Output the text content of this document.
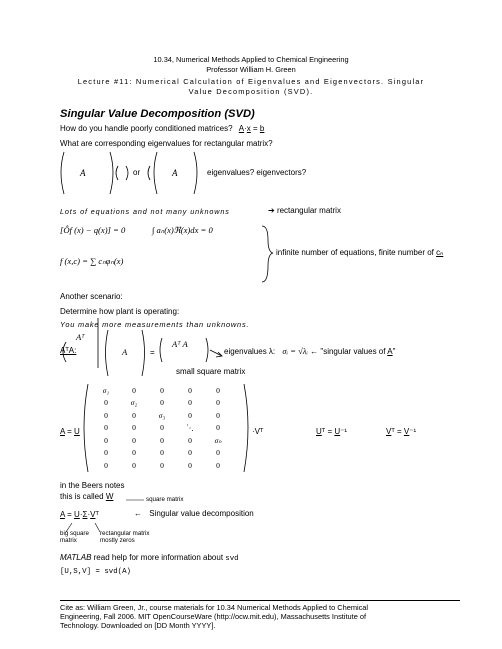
10.34, Numerical Methods Applied to Chemical Engineering
Professor William H. Green
Lecture #11: Numerical Calculation of Eigenvalues and Eigenvectors. Singular
Value Decomposition (SVD).
Singular Value Decomposition (SVD)
How do you handle poorly conditioned matrices? A·x = b
What are corresponding eigenvalues for rectangular matrix?
A	or	A	eigenvalues? eigenvectors?
Lots of equations and not many unknowns	➔ rectangular matrix
[Ôf (x) − q(x)] = 0	∫ aₙ(x)ℜ(x)dx = 0
f (x,c) = ∑ cₙφₙ(x)
infinite number of equations, finite number of cₙ
Another scenario:
Determine how plant is operating:
You make more measurements than unknowns.
AᵀA:
Aᵀ
A	=
Aᵀ A
eigenvalues λ: σᵢ = √λᵢ ← "singular values of A"
small square matrix
A = U
σ₁	0	0	0	0
0	σ₂	0	0	0
0	0	σ₃	0	0
0	0	0	⋱	0
0	0	0	0	σₙ
0	0	0	0	0
0	0	0	0	0
·Vᵀ	Uᵀ = U⁻¹	Vᵀ = V⁻¹
in the Beers notes
this is called W	square matrix
A = U·Σ·Vᵀ	← Singular value decomposition
big square
matrix
rectangular matrix
mostly zeros
MATLAB read help for more information about svd
[U,S,V] = svd(A)
Cite as: William Green, Jr., course materials for 10.34 Numerical Methods Applied to Chemical
Engineering, Fall 2006. MIT OpenCourseWare (http://ocw.mit.edu), Massachusetts Institute of
Technology. Downloaded on [DD Month YYYY].
